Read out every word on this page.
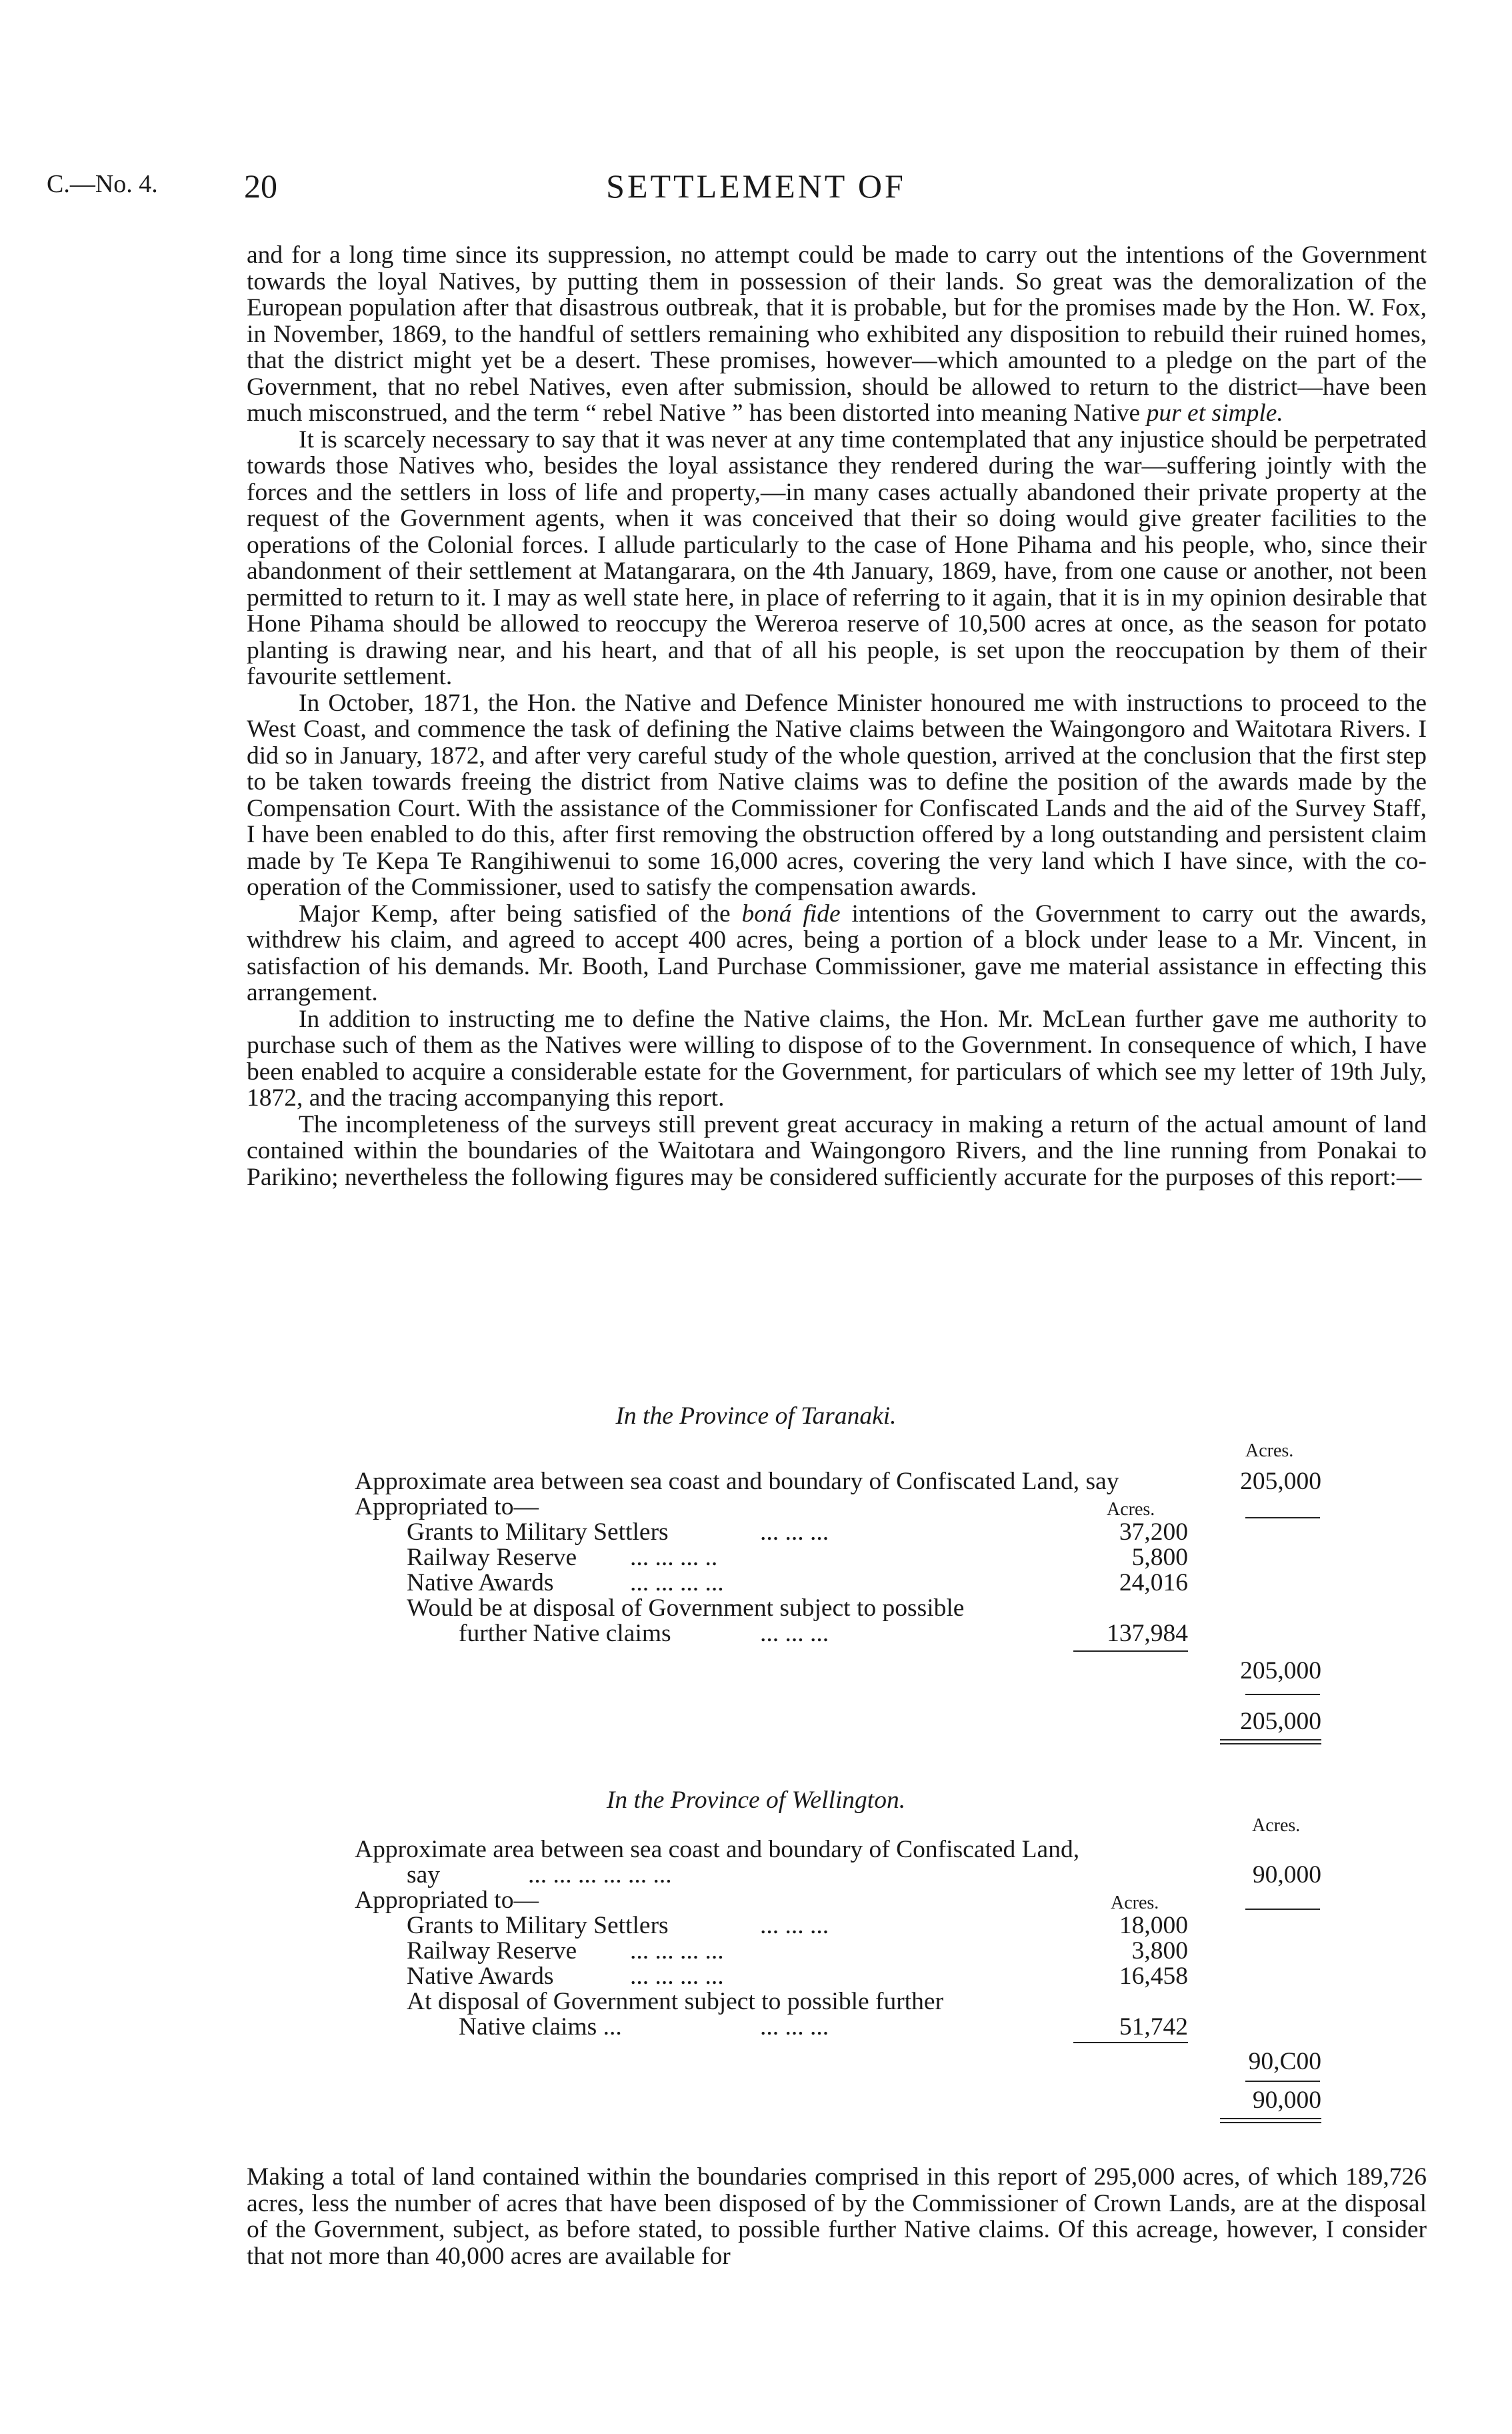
C.—No. 4.	20	SETTLEMENT OF

and for a long time since its suppression, no attempt could be made to carry out the intentions of the Government towards the loyal Natives, by putting them in possession of their lands. So great was the demoralization of the European population after that disastrous outbreak, that it is probable, but for the promises made by the Hon. W. Fox, in November, 1869, to the handful of settlers remaining who exhibited any disposition to rebuild their ruined homes, that the district might yet be a desert. These promises, however—which amounted to a pledge on the part of the Government, that no rebel Natives, even after submission, should be allowed to return to the district—have been much misconstrued, and the term “ rebel Native ” has been distorted into meaning Native pur et simple.

It is scarcely necessary to say that it was never at any time contemplated that any injustice should be perpetrated towards those Natives who, besides the loyal assistance they rendered during the war—suffering jointly with the forces and the settlers in loss of life and property,—in many cases actually abandoned their private property at the request of the Government agents, when it was conceived that their so doing would give greater facilities to the operations of the Colonial forces. I allude particularly to the case of Hone Pihama and his people, who, since their abandonment of their settlement at Matangarara, on the 4th January, 1869, have, from one cause or another, not been permitted to return to it. I may as well state here, in place of referring to it again, that it is in my opinion desirable that Hone Pihama should be allowed to reoccupy the Wereroa reserve of 10,500 acres at once, as the season for potato planting is drawing near, and his heart, and that of all his people, is set upon the reoccupation by them of their favourite settlement.

In October, 1871, the Hon. the Native and Defence Minister honoured me with instructions to proceed to the West Coast, and commence the task of defining the Native claims between the Waingongoro and Waitotara Rivers. I did so in January, 1872, and after very careful study of the whole question, arrived at the conclusion that the first step to be taken towards freeing the district from Native claims was to define the position of the awards made by the Compensation Court. With the assistance of the Commissioner for Confiscated Lands and the aid of the Survey Staff, I have been enabled to do this, after first removing the obstruction offered by a long outstanding and persistent claim made by Te Kepa Te Rangihiwenui to some 16,000 acres, covering the very land which I have since, with the co-operation of the Commissioner, used to satisfy the compensation awards.

Major Kemp, after being satisfied of the boná fide intentions of the Government to carry out the awards, withdrew his claim, and agreed to accept 400 acres, being a portion of a block under lease to a Mr. Vincent, in satisfaction of his demands. Mr. Booth, Land Purchase Commissioner, gave me material assistance in effecting this arrangement.

In addition to instructing me to define the Native claims, the Hon. Mr. McLean further gave me authority to purchase such of them as the Natives were willing to dispose of to the Government. In consequence of which, I have been enabled to acquire a considerable estate for the Government, for particulars of which see my letter of 19th July, 1872, and the tracing accompanying this report.

The incompleteness of the surveys still prevent great accuracy in making a return of the actual amount of land contained within the boundaries of the Waitotara and Waingongoro Rivers, and the line running from Ponakai to Parikino; nevertheless the following figures may be considered sufficiently accurate for the purposes of this report:—

In the Province of Taranaki.
Acres.
Approximate area between sea coast and boundary of Confiscated Land, say	205,000
Appropriated to—	Acres.
Grants to Military Settlers	... ... ...	37,200
Railway Reserve ... ... ... ..	5,800
Native Awards	... ... ... ...	24,016
Would be at disposal of Government subject to possible
further Native claims	... ... ...	137,984
205,000
205,000
In the Province of Wellington.
Acres.
Approximate area between sea coast and boundary of Confiscated Land,
say	... ... ... ... ... ...	90,000
Appropriated to—	Acres.
Grants to Military Settlers	... ... ...	18,000
Railway Reserve ... ... ... ...	3,800
Native Awards	... ... ... ...	16,458
At disposal of Government subject to possible further
Native claims ...	... ... ...	51,742
90,C00
90,000

Making a total of land contained within the boundaries comprised in this report of 295,000 acres, of which 189,726 acres, less the number of acres that have been disposed of by the Commissioner of Crown Lands, are at the disposal of the Government, subject, as before stated, to possible further Native claims. Of this acreage, however, I consider that not more than 40,000 acres are available for
